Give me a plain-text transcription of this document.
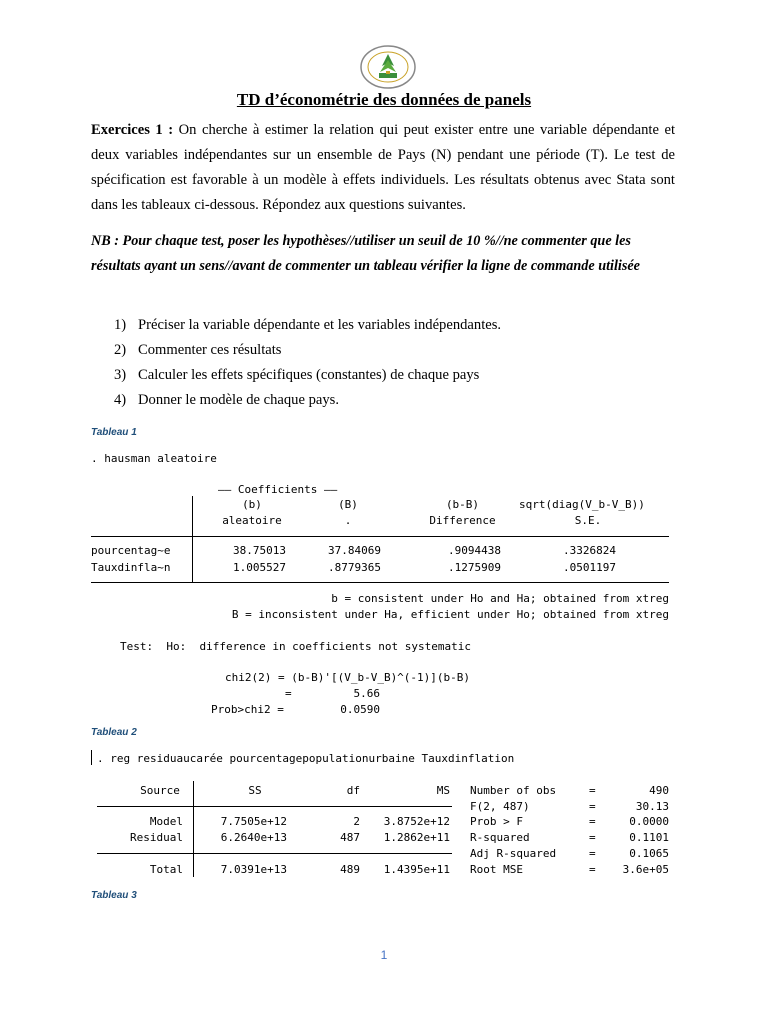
TD d’économétrie des données de panels
Exercices 1 : On cherche à estimer la relation qui peut exister entre une variable dépendante et deux variables indépendantes sur un ensemble de Pays (N) pendant une période (T). Le test de spécification est favorable à un modèle à effets individuels. Les résultats obtenus avec Stata sont dans les tableaux ci-dessous. Répondez aux questions suivantes.
NB : Pour chaque test, poser les hypothèses//utiliser un seuil de 10 %//ne commenter que les résultats ayant un sens//avant de commenter un tableau vérifier la ligne de commande utilisée
1) Préciser la variable dépendante et les variables indépendantes.
2) Commenter ces résultats
3) Calculer les effets spécifiques (constantes) de chaque pays
4) Donner le modèle de chaque pays.
Tableau 1
. hausman aleatoire
—— Coefficients ——
(b)	(B)	(b-B)	sqrt(diag(V_b-V_B))
aleatoire	.	Difference	S.E.
pourcentag~e	38.75013	37.84069	.9094438	.3326824
Tauxdinfla~n	1.005527	.8779365	.1275909	.0501197
b = consistent under Ho and Ha; obtained from xtreg
B = inconsistent under Ha, efficient under Ho; obtained from xtreg
Test:  Ho:  difference in coefficients not systematic
chi2(2) = (b-B)'[(V_b-V_B)^(-1)](b-B)
=	5.66
Prob>chi2 =	0.0590
Tableau 2
. reg residuaucarée pourcentagepopulationurbaine Tauxdinflation
Source	SS	df	MS
Model	7.7505e+12	2	3.8752e+12
Residual	6.2640e+13	487	1.2862e+11
Total	7.0391e+13	489	1.4395e+11
Number of obs	=	490
F(2, 487)	=	30.13
Prob > F	=	0.0000
R-squared	=	0.1101
Adj R-squared	=	0.1065
Root MSE	=	3.6e+05
Tableau 3
1
